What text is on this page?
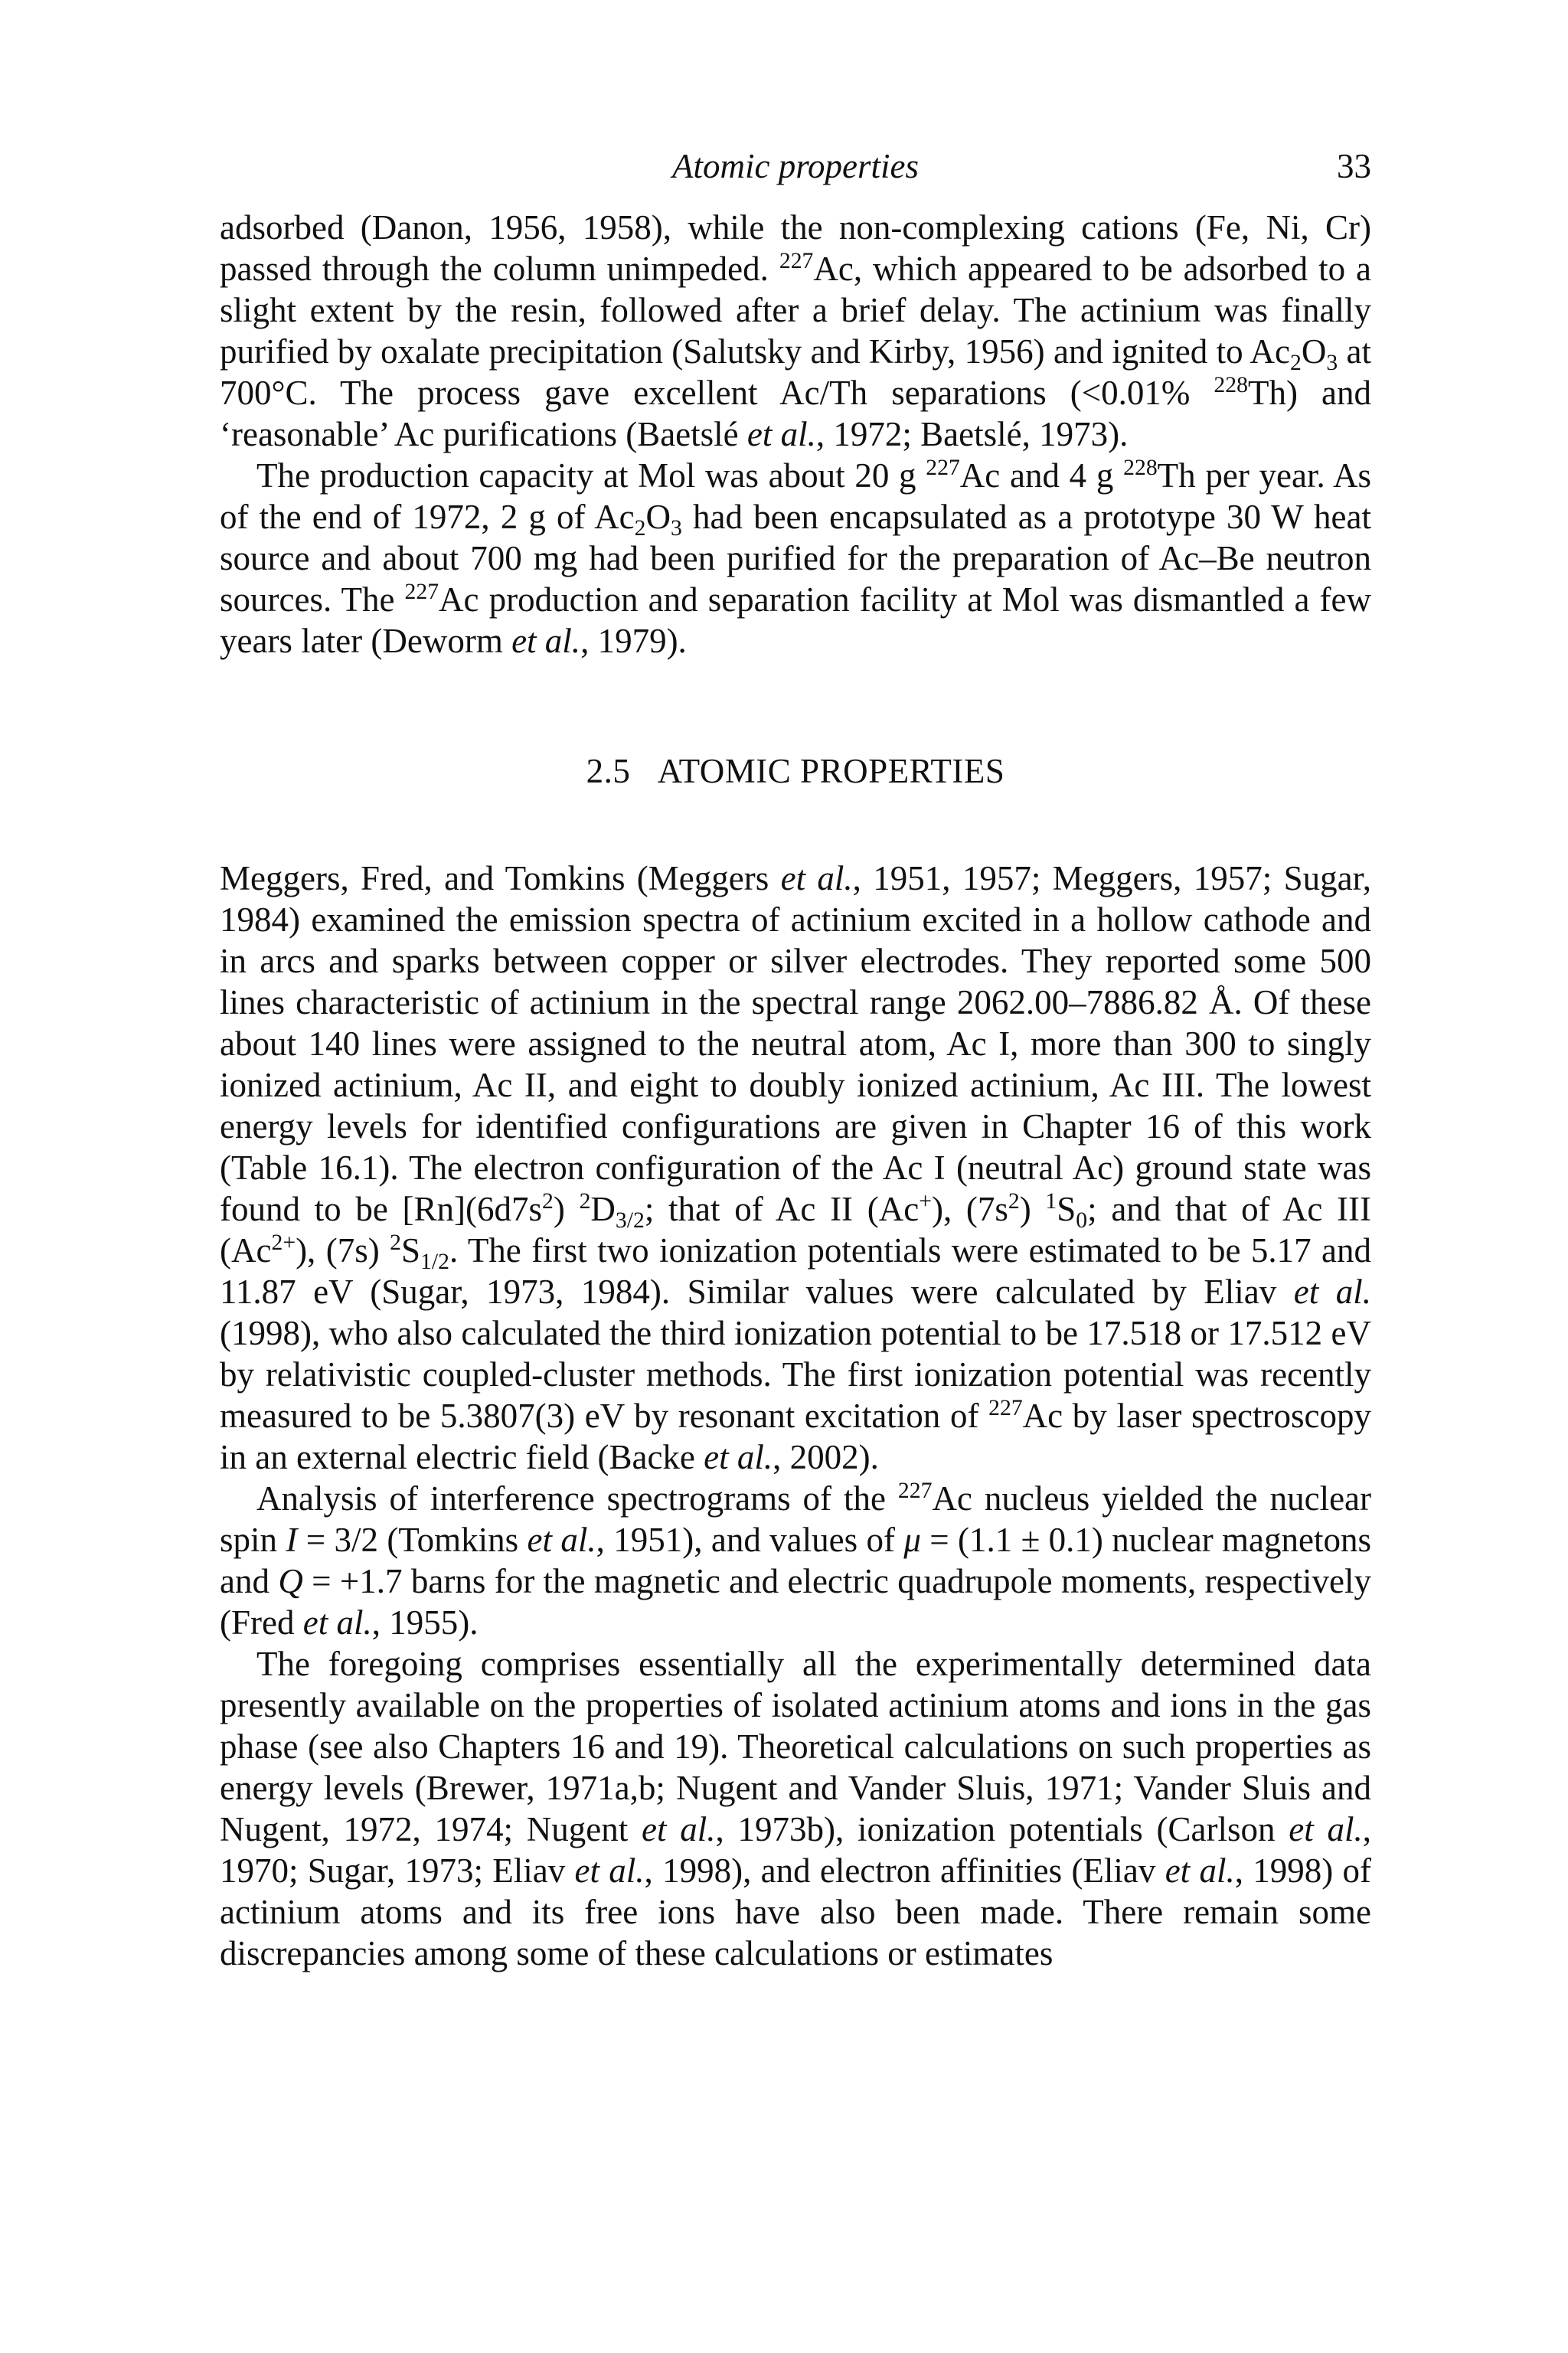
Atomic properties	33

adsorbed (Danon, 1956, 1958), while the non-complexing cations (Fe, Ni, Cr) passed through the column unimpeded. $^{227}$Ac, which appeared to be adsorbed to a slight extent by the resin, followed after a brief delay. The actinium was finally purified by oxalate precipitation (Salutsky and Kirby, 1956) and ignited to $Ac_2O_3$ at 700°C. The process gave excellent Ac/Th separations (<0.01% $^{228}$Th) and ‘reasonable’ Ac purifications (Baetslé et al., 1972; Baetslé, 1973).

The production capacity at Mol was about 20 g $^{227}$Ac and 4 g $^{228}$Th per year. As of the end of 1972, 2 g of $Ac_2O_3$ had been encapsulated as a prototype 30 W heat source and about 700 mg had been purified for the preparation of Ac–Be neutron sources. The $^{227}$Ac production and separation facility at Mol was dismantled a few years later (Deworm et al., 1979).

2.5 ATOMIC PROPERTIES

Meggers, Fred, and Tomkins (Meggers et al., 1951, 1957; Meggers, 1957; Sugar, 1984) examined the emission spectra of actinium excited in a hollow cathode and in arcs and sparks between copper or silver electrodes. They reported some 500 lines characteristic of actinium in the spectral range 2062.00–7886.82 Å. Of these about 140 lines were assigned to the neutral atom, Ac I, more than 300 to singly ionized actinium, Ac II, and eight to doubly ionized actinium, Ac III. The lowest energy levels for identified configurations are given in Chapter 16 of this work (Table 16.1). The electron configuration of the Ac I (neutral Ac) ground state was found to be $[Rn](6d7s^2)$ $^2D_{3/2}$; that of Ac II (Ac+), $(7s^2)$ $^1S_0$; and that of Ac III $(Ac^{2+})$, (7s) $^2S_{1/2}$. The first two ionization potentials were estimated to be 5.17 and 11.87 eV (Sugar, 1973, 1984). Similar values were calculated by Eliav et al. (1998), who also calculated the third ionization potential to be 17.518 or 17.512 eV by relativistic coupled-cluster methods. The first ionization potential was recently measured to be 5.3807(3) eV by resonant excitation of $^{227}$Ac by laser spectroscopy in an external electric field (Backe et al., 2002).

Analysis of interference spectrograms of the $^{227}$Ac nucleus yielded the nuclear spin I = 3/2 (Tomkins et al., 1951), and values of μ = (1.1 ± 0.1) nuclear magnetons and Q = +1.7 barns for the magnetic and electric quadrupole moments, respectively (Fred et al., 1955).

The foregoing comprises essentially all the experimentally determined data presently available on the properties of isolated actinium atoms and ions in the gas phase (see also Chapters 16 and 19). Theoretical calculations on such properties as energy levels (Brewer, 1971a,b; Nugent and Vander Sluis, 1971; Vander Sluis and Nugent, 1972, 1974; Nugent et al., 1973b), ionization potentials (Carlson et al., 1970; Sugar, 1973; Eliav et al., 1998), and electron affinities (Eliav et al., 1998) of actinium atoms and its free ions have also been made. There remain some discrepancies among some of these calculations or estimates
